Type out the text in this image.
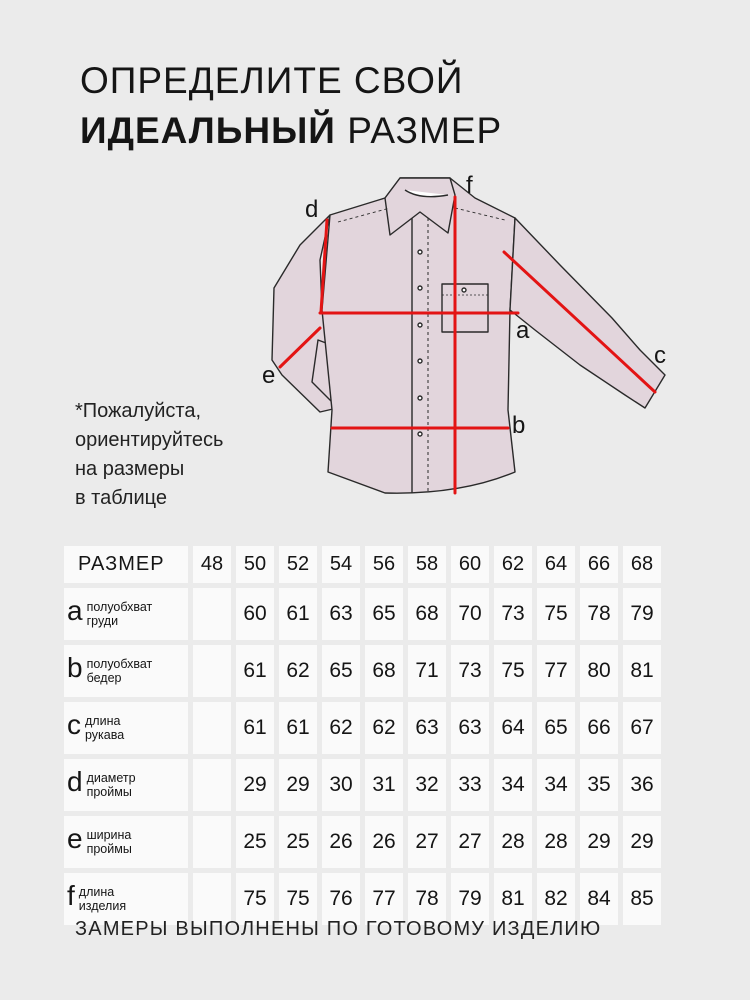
ОПРЕДЕЛИТЕ СВОЙ
ИДЕАЛЬНЫЙ РАЗМЕР
*Пожалуйста,
ориентируйтесь
на размеры
в таблице
a
b
c
d
e
f
РАЗМЕР	48	50	52	54	56	58	60	62	64	66	68

a полуобхват
груди		60	61	63	65	68	70	73	75	78	79

b полуобхват
бедер		61	62	65	68	71	73	75	77	80	81

c длина
рукава		61	61	62	62	63	63	64	65	66	67

d диаметр
проймы		29	29	30	31	32	33	34	34	35	36

e ширина
проймы		25	25	26	26	27	27	28	28	29	29

f длина
изделия		75	75	76	77	78	79	81	82	84	85
ЗАМЕРЫ ВЫПОЛНЕНЫ ПО ГОТОВОМУ ИЗДЕЛИЮ
